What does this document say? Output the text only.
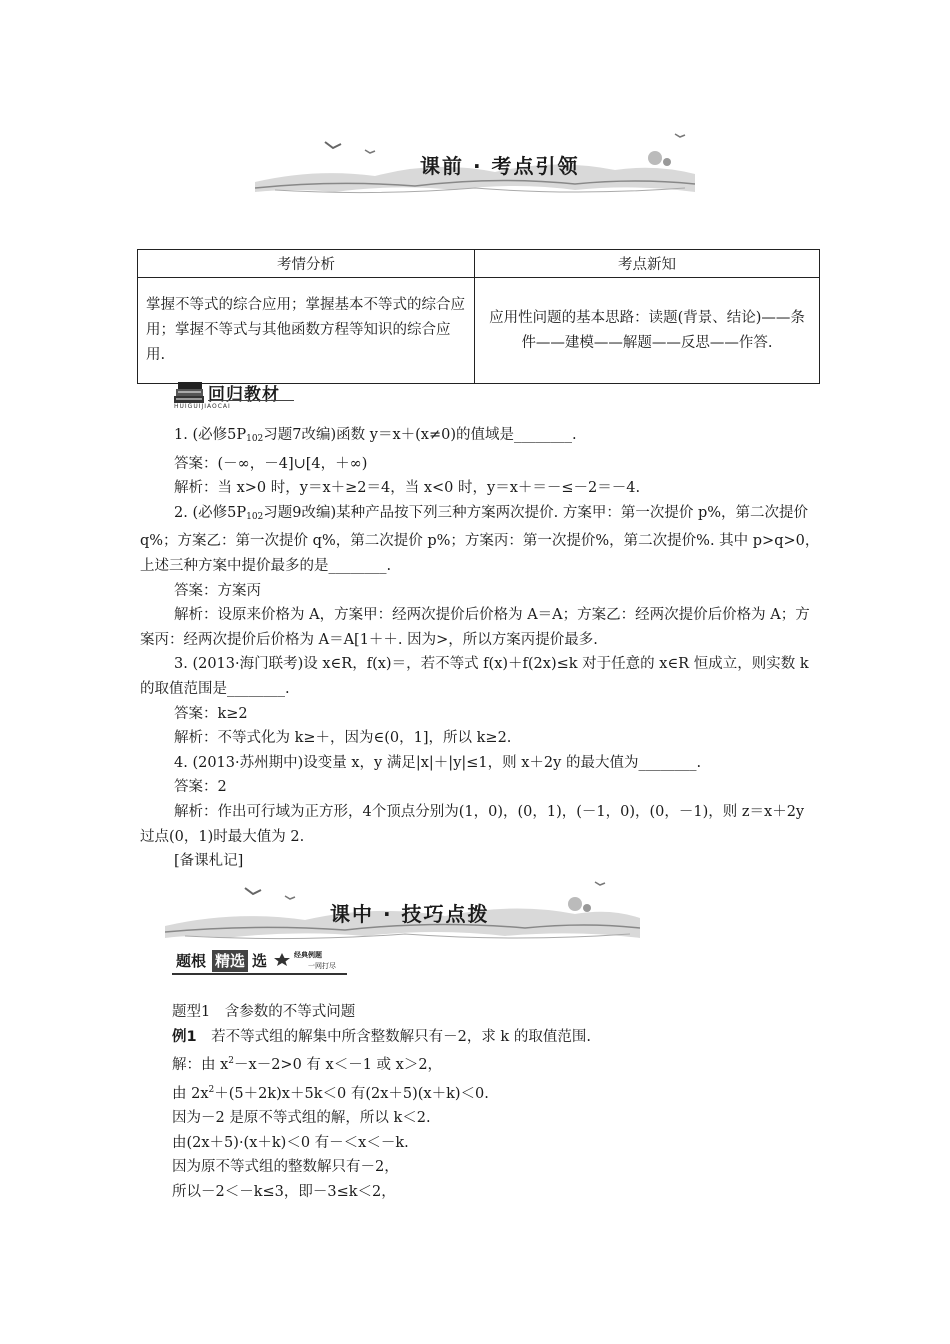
课前 · 考点引领
考情分析	考点新知
掌握不等式的综合应用；掌握基本不等式的综合应用；掌握不等式与其他函数方程等知识的综合应用.	应用性问题的基本思路：读题(背景、结论)——条件——建模——解题——反思——作答.
回归教材
HUIGUIJIAOCAI

1. (必修$5P_{102}$习题7改编)函数 y＝x＋(x≠0)的值域是________.

答案：(－∞，－4]∪[4，＋∞)

解析：当 x>0 时，y＝x＋≥2＝4，当 x<0 时，y＝x＋＝－≤－2＝－4.

2. (必修$5P_{102}$习题9改编)某种产品按下列三种方案两次提价. 方案甲：第一次提价 p%，第二次提价 q%；方案乙：第一次提价 q%，第二次提价 p%；方案丙：第一次提价%，第二次提价%. 其中 p>q>0，上述三种方案中提价最多的是________.

答案：方案丙

解析：设原来价格为 A，方案甲：经两次提价后价格为 A＝A；方案乙：经两次提价后价格为 A；方案丙：经两次提价后价格为 A＝A[1＋＋. 因为>，所以方案丙提价最多.

3. (2013·海门联考)设 x∈R，f(x)＝，若不等式 f(x)＋f(2x)≤k 对于任意的 x∈R 恒成立，则实数 k 的取值范围是________.

答案：k≥2

解析：不等式化为 k≥＋，因为∈(0，1]，所以 k≥2.

4. (2013·苏州期中)设变量 x，y 满足|x|＋|y|≤1，则 x＋2y 的最大值为________.

答案：2

解析：作出可行域为正方形，4个顶点分别为(1，0)，(0，1)，(－1，0)，(0，－1)，则 z＝x＋2y 过点(0，1)时最大值为 2.

[备课札记]

课中 · 技巧点拨
题根 精选 选	经典例题
一网打尽

题型1　含参数的不等式问题

例1　若不等式组的解集中所含整数解只有－2，求 k 的取值范围.

解：由 $x^2-x-2>0$ 有 x＜－1 或 x＞2，

由 $2x^2+(5+2k)x+5k<0$ 有(2x＋5)(x＋k)＜0.

因为－2 是原不等式组的解，所以 k＜2.

由(2x＋5)·(x＋k)＜0 有－＜x＜－k.

因为原不等式组的整数解只有－2，

所以－2＜－k≤3，即－3≤k＜2，
